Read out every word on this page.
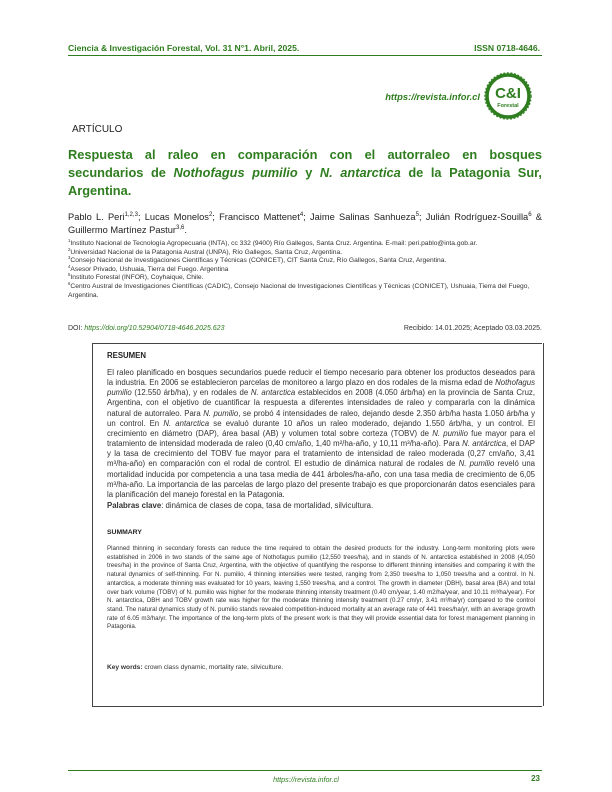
Ciencia & Investigación Forestal, Vol. 31 N°1. Abril, 2025.	ISSN 0718-4646.
https://revista.infor.cl C&I
Forestal
ARTÍCULO
Respuesta al raleo en comparación con el autorraleo en bosques secundarios de Nothofagus pumilio y N. antarctica de la Patagonia Sur, Argentina.
Pablo L. Peri$^{1,2,3}$; Lucas Monelos$^2$; Francisco Mattenet$^4$; Jaime Salinas Sanhueza$^5$; Julián Rodríguez-Souilla$^6$ & Guillermo Martínez Pastur$^{3,6}$.

$^1$Instituto Nacional de Tecnología Agropecuaria (INTA), cc 332 (9400) Río Gallegos, Santa Cruz. Argentina. E-mail: peri.pablo@inta.gob.ar.

$^2$Universidad Nacional de la Patagonia Austral (UNPA), Río Gallegos, Santa Cruz, Argentina.

$^3$Consejo Nacional de Investigaciones Científicas y Técnicas (CONICET), CIT Santa Cruz, Río Gallegos, Santa Cruz, Argentina.

$^4$Asesor Privado, Ushuaia, Tierra del Fuego. Argentina

$^5$Instituto Forestal (INFOR), Coyhaique, Chile.

$^6$Centro Austral de Investigaciones Científicas (CADIC), Consejo Nacional de Investigaciones Científicas y Técnicas (CONICET), Ushuaia, Tierra del Fuego, Argentina.

DOI: https://doi.org/10.52904/0718-4646.2025.623	Recibido: 14.01.2025; Aceptado 03.03.2025.
RESUMEN
El raleo planificado en bosques secundarios puede reducir el tiempo necesario para obtener los productos deseados para la industria. En 2006 se establecieron parcelas de monitoreo a largo plazo en dos rodales de la misma edad de Nothofagus pumilio (12.550 árb/ha), y en rodales de N. antarctica establecidos en 2008 (4.050 árb/ha) en la provincia de Santa Cruz, Argentina, con el objetivo de cuantificar la respuesta a diferentes intensidades de raleo y compararla con la dinámica natural de autorraleo. Para N. pumilio, se probó 4 intensidades de raleo, dejando desde 2.350 árb/ha hasta 1.050 árb/ha y un control. En N. antarctica se evaluó durante 10 años un raleo moderado, dejando 1.550 árb/ha, y un control. El crecimiento en diámetro (DAP), área basal (AB) y volumen total sobre corteza (TOBV) de N. pumilio fue mayor para el tratamiento de intensidad moderada de raleo (0,40 cm/año, 1,40 m²/ha-año, y 10,11 m³/ha-año). Para N. antárctica, el DAP y la tasa de crecimiento del TOBV fue mayor para el tratamiento de intensidad de raleo moderada (0,27 cm/año, 3,41 m³/ha-año) en comparación con el rodal de control. El estudio de dinámica natural de rodales de N. pumilio reveló una mortalidad inducida por competencia a una tasa media de 441 árboles/ha-año, con una tasa media de crecimiento de 6,05 m³/ha-año. La importancia de las parcelas de largo plazo del presente trabajo es que proporcionarán datos esenciales para la planificación del manejo forestal en la Patagonia.
Palabras clave: dinámica de clases de copa, tasa de mortalidad, silvicultura.
SUMMARY
Planned thinning in secondary forests can reduce the time required to obtain the desired products for the industry. Long-term monitoring plots were established in 2006 in two stands of the same age of Nothofagus pumilio (12,550 trees/ha), and in stands of N. antarctica established in 2008 (4,050 trees/ha) in the province of Santa Cruz, Argentina, with the objective of quantifying the response to different thinning intensities and comparing it with the natural dynamics of self-thinning. For N. pumilio, 4 thinning intensities were tested, ranging from 2,350 trees/ha to 1,050 trees/ha and a control. In N. antarctica, a moderate thinning was evaluated for 10 years, leaving 1,550 trees/ha, and a control. The growth in diameter (DBH), basal area (BA) and total over bark volume (TOBV) of N. pumilio was higher for the moderate thinning intensity treatment (0.40 cm/year, 1.40 m2/ha/year, and 10.11 m³/ha/year). For N. antarctica, DBH and TOBV growth rate was higher for the moderate thinning intensity treatment (0.27 cm/yr, 3.41 m³/ha/yr) compared to the control stand. The natural dynamics study of N. pumilio stands revealed competition-induced mortality at an average rate of 441 trees/ha/yr, with an average growth rate of 6.05 m3/ha/yr. The importance of the long-term plots of the present work is that they will provide essential data for forest management planning in Patagonia.
Key words: crown class dynamic, mortality rate, silviculture.
https://revista.infor.cl	23
